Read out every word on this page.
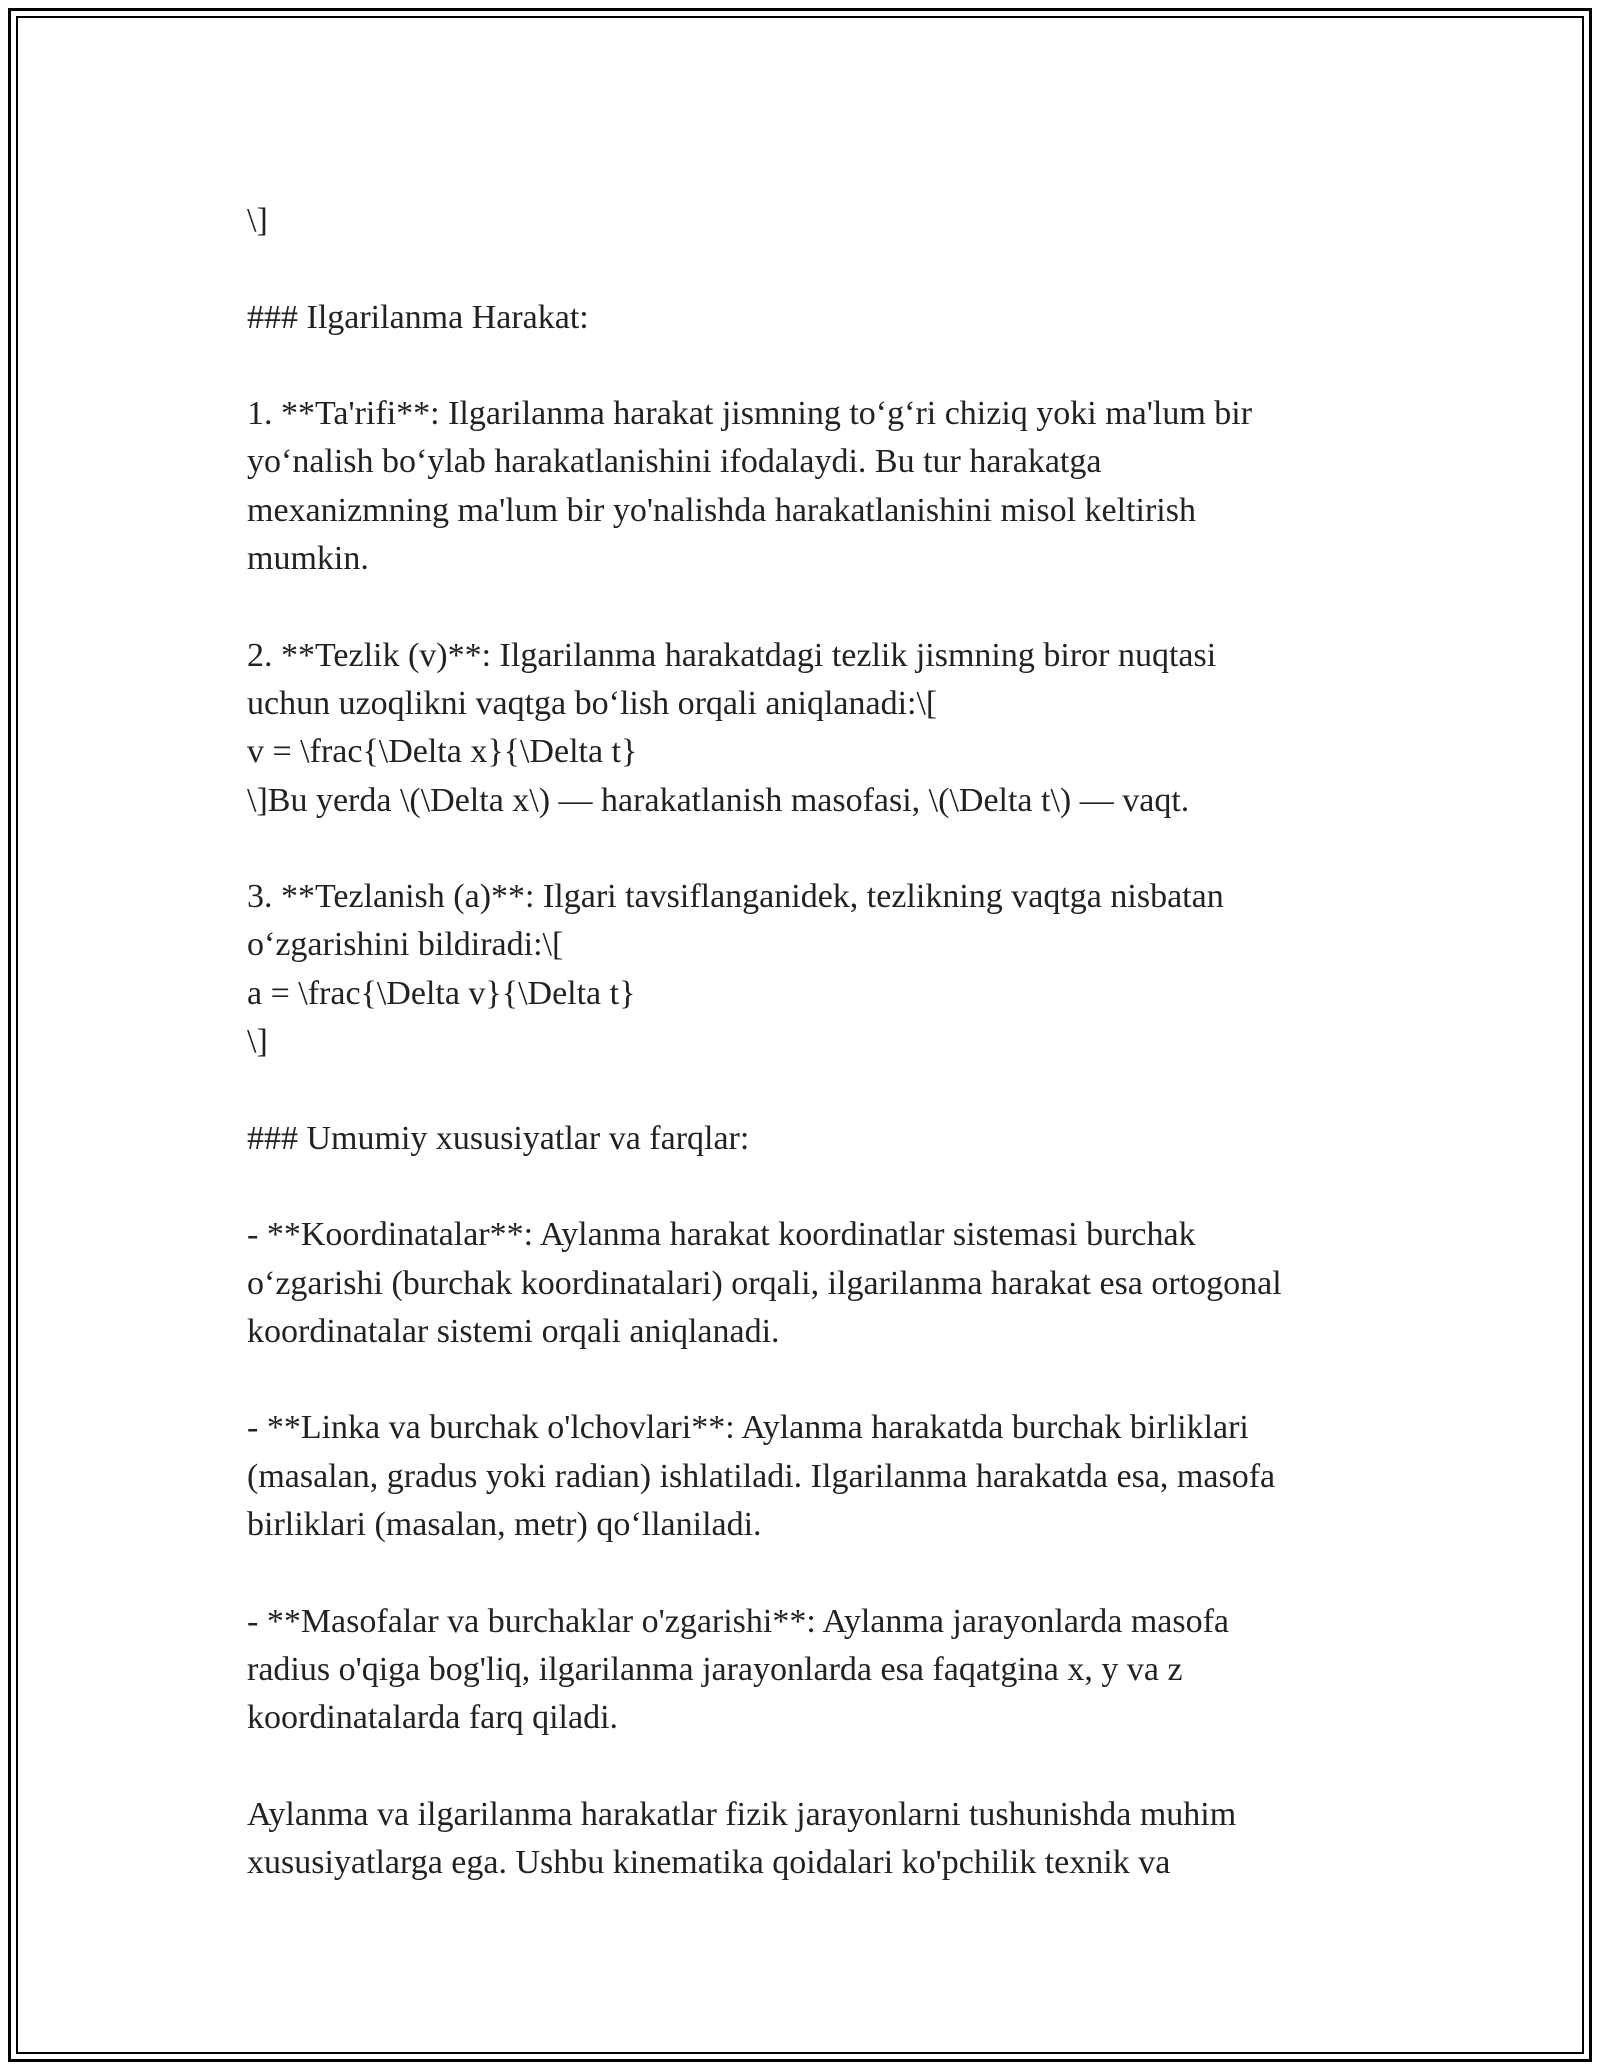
\]
### Ilgarilanma Harakat:
1. **Ta'rifi**: Ilgarilanma harakat jismning to‘g‘ri chiziq yoki ma'lum bir
yo‘nalish bo‘ylab harakatlanishini ifodalaydi. Bu tur harakatga
mexanizmning ma'lum bir yo'nalishda harakatlanishini misol keltirish
mumkin.
2. **Tezlik (v)**: Ilgarilanma harakatdagi tezlik jismning biror nuqtasi
uchun uzoqlikni vaqtga bo‘lish orqali aniqlanadi:\[
v = \frac{\Delta x}{\Delta t}
\]Bu yerda \(\Delta x\) — harakatlanish masofasi, \(\Delta t\) — vaqt.
3. **Tezlanish (a)**: Ilgari tavsiflanganidek, tezlikning vaqtga nisbatan
o‘zgarishini bildiradi:\[
a = \frac{\Delta v}{\Delta t}
\]
### Umumiy xususiyatlar va farqlar:
- **Koordinatalar**: Aylanma harakat koordinatlar sistemasi burchak
o‘zgarishi (burchak koordinatalari) orqali, ilgarilanma harakat esa ortogonal
koordinatalar sistemi orqali aniqlanadi.
- **Linka va burchak o'lchovlari**: Aylanma harakatda burchak birliklari
(masalan, gradus yoki radian) ishlatiladi. Ilgarilanma harakatda esa, masofa
birliklari (masalan, metr) qo‘llaniladi.
- **Masofalar va burchaklar o'zgarishi**: Aylanma jarayonlarda masofa
radius o'qiga bog'liq, ilgarilanma jarayonlarda esa faqatgina x, y va z
koordinatalarda farq qiladi.
Aylanma va ilgarilanma harakatlar fizik jarayonlarni tushunishda muhim
xususiyatlarga ega. Ushbu kinematika qoidalari ko'pchilik texnik va
